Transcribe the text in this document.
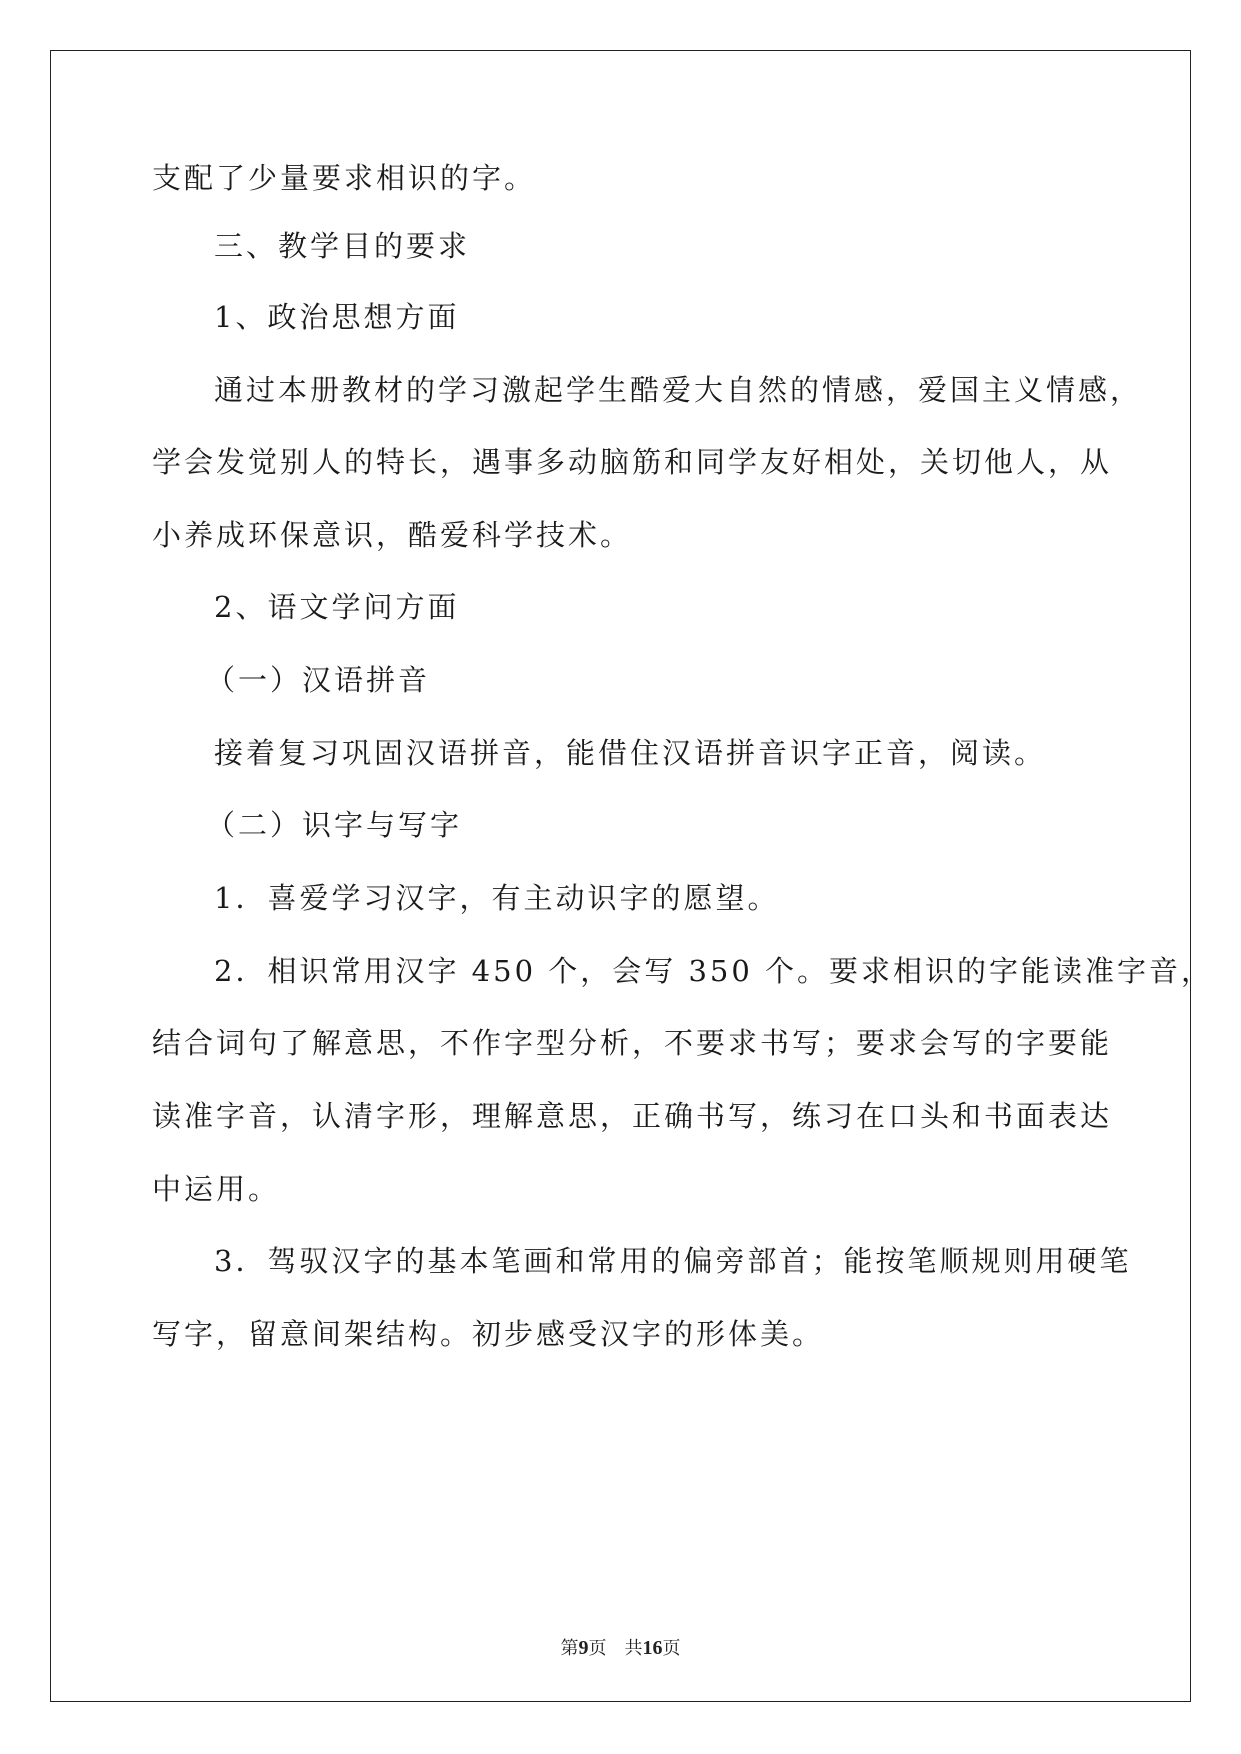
支配了少量要求相识的字。
三、教学目的要求
1、政治思想方面
通过本册教材的学习激起学生酷爱大自然的情感，爱国主义情感，
学会发觉别人的特长，遇事多动脑筋和同学友好相处，关切他人，从
小养成环保意识，酷爱科学技术。
2、语文学问方面
（一）汉语拼音
接着复习巩固汉语拼音，能借住汉语拼音识字正音，阅读。
（二）识字与写字
1．喜爱学习汉字，有主动识字的愿望。
2．相识常用汉字 450 个，会写 350 个。要求相识的字能读准字音，
结合词句了解意思，不作字型分析，不要求书写；要求会写的字要能
读准字音，认清字形，理解意思，正确书写，练习在口头和书面表达
中运用。
3．驾驭汉字的基本笔画和常用的偏旁部首；能按笔顺规则用硬笔
写字，留意间架结构。初步感受汉字的形体美。
第9页 共16页
